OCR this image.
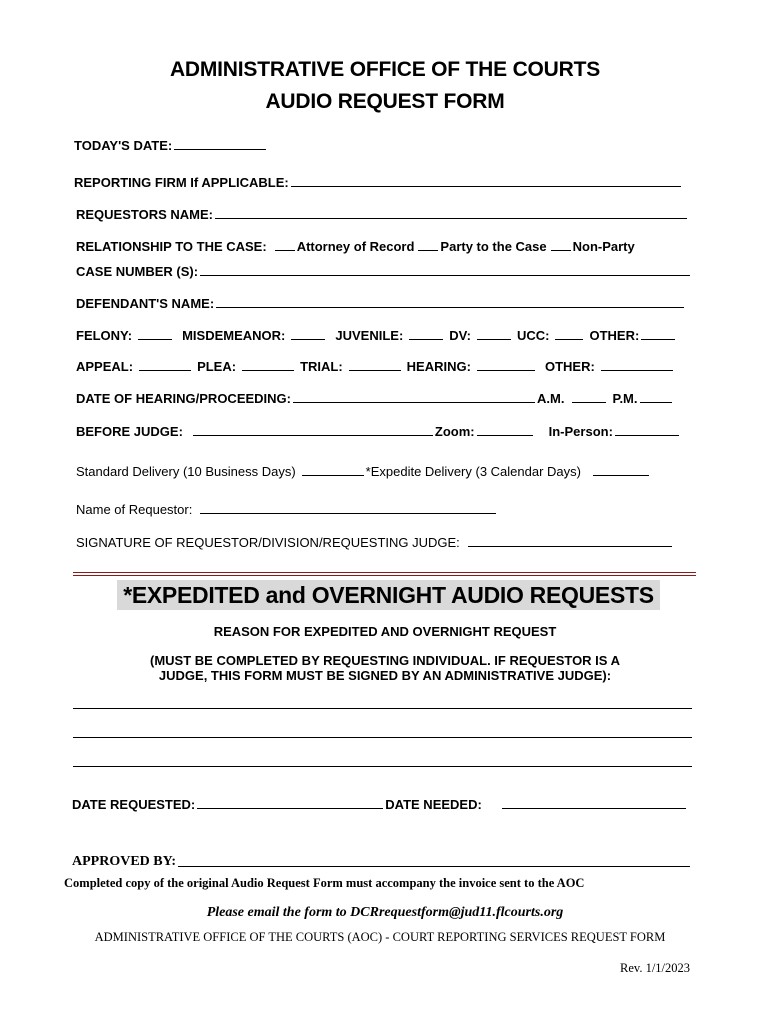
ADMINISTRATIVE OFFICE OF THE COURTS
AUDIO REQUEST FORM
TODAY'S DATE:
REPORTING FIRM If APPLICABLE:
REQUESTORS NAME:
RELATIONSHIP TO THE CASE: Attorney of Record Party to the Case Non-Party
CASE NUMBER (S):
DEFENDANT'S NAME:
FELONY:	MISDEMEANOR:	JUVENILE:	DV:	UCC:	OTHER:
APPEAL:	PLEA:	TRIAL:	HEARING:	OTHER:
DATE OF HEARING/PROCEEDING:	A.M.	P.M.
BEFORE JUDGE:	Zoom:	In-Person:
Standard Delivery (10 Business Days)	*Expedite Delivery (3 Calendar Days)
Name of Requestor:
SIGNATURE OF REQUESTOR/DIVISION/REQUESTING JUDGE:
*EXPEDITED and OVERNIGHT AUDIO REQUESTS
REASON FOR EXPEDITED AND OVERNIGHT REQUEST
(MUST BE COMPLETED BY REQUESTING INDIVIDUAL. IF REQUESTOR IS A
JUDGE, THIS FORM MUST BE SIGNED BY AN ADMINISTRATIVE JUDGE):
DATE REQUESTED:	DATE NEEDED:
APPROVED BY:
Completed copy of the original Audio Request Form must accompany the invoice sent to the AOC
Please email the form to DCRrequestform@jud11.flcourts.org
ADMINISTRATIVE OFFICE OF THE COURTS (AOC) - COURT REPORTING SERVICES REQUEST FORM
Rev. 1/1/2023
